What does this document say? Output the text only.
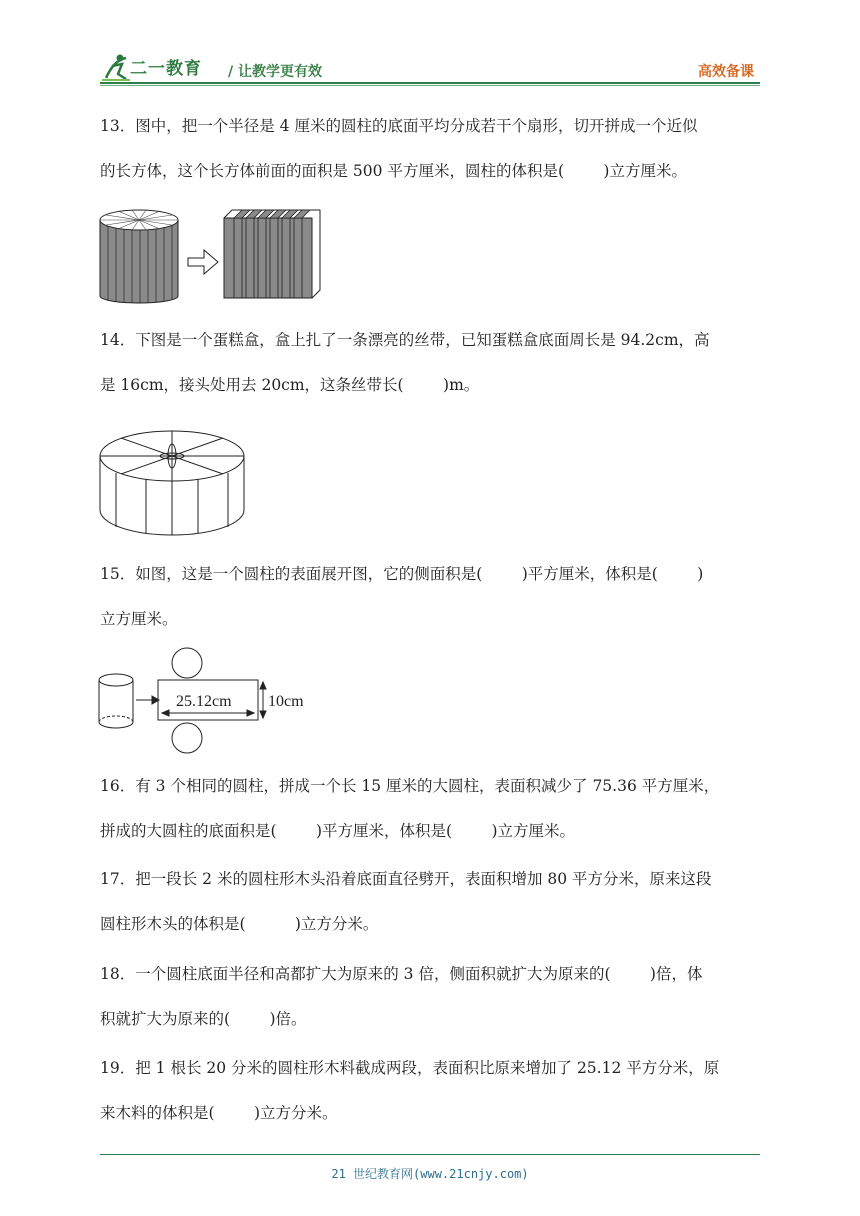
二一教育 / 让教学更有效	高效备课
13．图中，把一个半径是 4 厘米的圆柱的底面平均分成若干个扇形，切开拼成一个近似
的长方体，这个长方体前面的面积是 500 平方厘米，圆柱的体积是(        )立方厘米。
14．下图是一个蛋糕盒，盒上扎了一条漂亮的丝带，已知蛋糕盒底面周长是 94.2cm，高
是 16cm，接头处用去 20cm，这条丝带长(        )m。
15．如图，这是一个圆柱的表面展开图，它的侧面积是(        )平方厘米，体积是(        )
立方厘米。
25.12cm 10cm
16．有 3 个相同的圆柱，拼成一个长 15 厘米的大圆柱，表面积减少了 75.36 平方厘米，
拼成的大圆柱的底面积是(        )平方厘米，体积是(        )立方厘米。
17．把一段长 2 米的圆柱形木头沿着底面直径劈开，表面积增加 80 平方分米，原来这段
圆柱形木头的体积是(          )立方分米。
18．一个圆柱底面半径和高都扩大为原来的 3 倍，侧面积就扩大为原来的(        )倍，体
积就扩大为原来的(        )倍。
19．把 1 根长 20 分米的圆柱形木料截成两段，表面积比原来增加了 25.12 平方分米，原
来木料的体积是(        )立方分米。
21 世纪教育网(www.21cnjy.com)
